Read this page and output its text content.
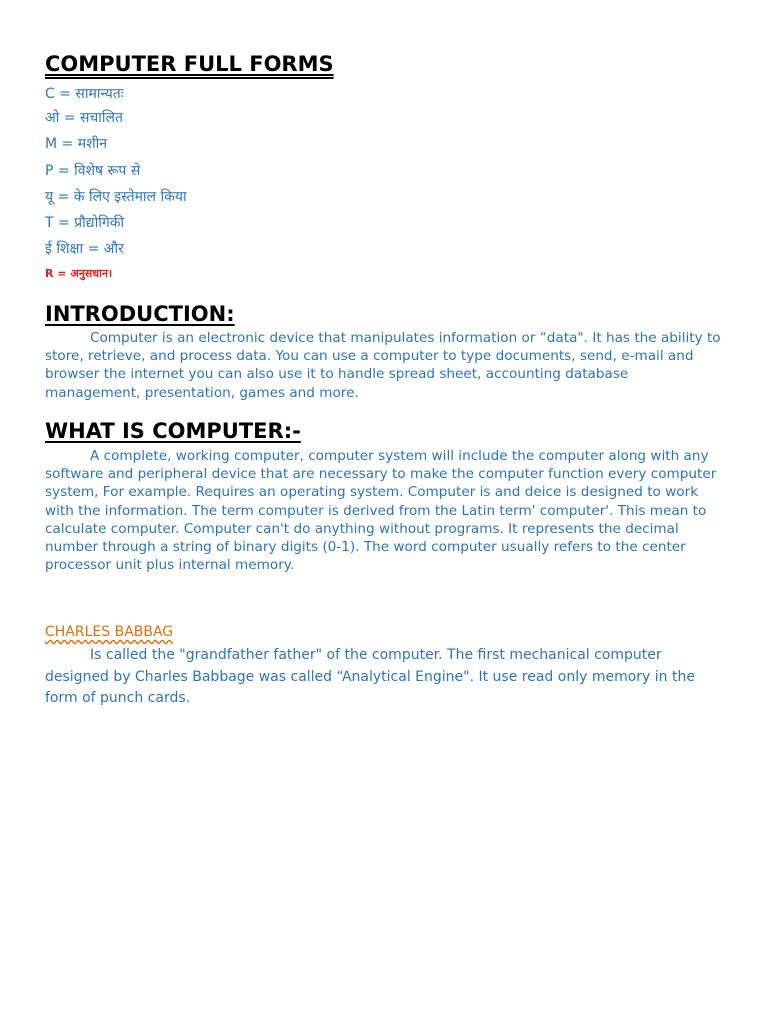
COMPUTER FULL FORMS
C = सामान्यतः
ओ = सचालित
M = मशीन
P = विशेष रूप से
यू = के लिए इस्तेमाल किया
T = प्रौद्योगिकी
ई शिक्षा = और
R = अनुसधान।
INTRODUCTION:

Computer is an electronic device that manipulates information or “data". It has the ability to store, retrieve, and process data. You can use a computer to type documents, send, e-mail and browser the internet you can also use it to handle spread sheet, accounting database management, presentation, games and more.

WHAT IS COMPUTER:-

A complete, working computer, computer system will include the computer along with any software and peripheral device that are necessary to make the computer function every computer system, For example. Requires an operating system. Computer is and deice is designed to work with the information. The term computer is derived from the Latin term' computer'. This mean to calculate computer. Computer can't do anything without programs. It represents the decimal number through a string of binary digits (0-1). The word computer usually refers to the center processor unit plus internal memory.

CHARLES BABBAG

Is called the "grandfather father" of the computer. The first mechanical computer designed by Charles Babbage was called “Analytical Engine". It use read only memory in the form of punch cards.
